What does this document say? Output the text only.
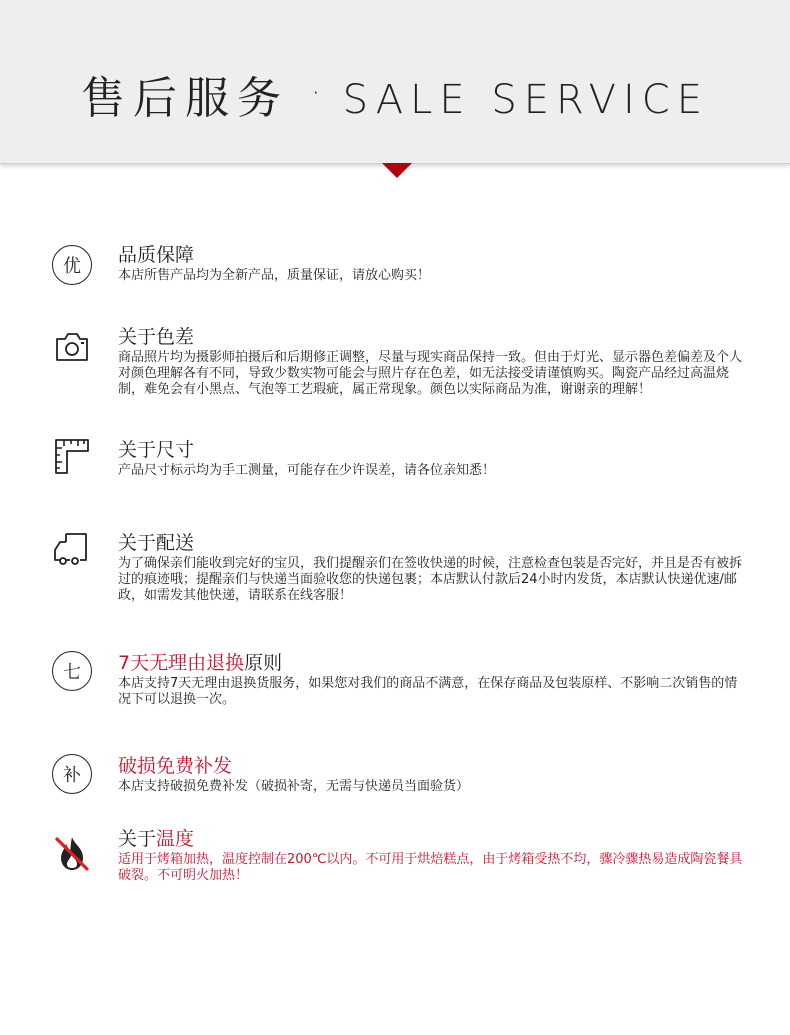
售后服务 · SALE SERVICE
优
品质保障
本店所售产品均为全新产品，质量保证，请放心购买！
关于色差
商品照片均为摄影师拍摄后和后期修正调整，尽量与现实商品保持一致。但由于灯光、显示器色差偏差及个人对颜色理解各有不同，导致少数实物可能会与照片存在色差，如无法接受请谨慎购买。陶瓷产品经过高温烧制，难免会有小黑点、气泡等工艺瑕疵，属正常现象。颜色以实际商品为准，谢谢亲的理解！
关于尺寸
产品尺寸标示均为手工测量，可能存在少许误差，请各位亲知悉！
关于配送
为了确保亲们能收到完好的宝贝，我们提醒亲们在签收快递的时候，注意检查包装是否完好，并且是否有被拆过的痕迹哦；提醒亲们与快递当面验收您的快递包裹；本店默认付款后24小时内发货，本店默认快递优速/邮政，如需发其他快递，请联系在线客服！
七	7天无理由退换原则
本店支持7天无理由退换货服务，如果您对我们的商品不满意，在保存商品及包装原样、不影响二次销售的情况下可以退换一次。
补	破损免费补发
本店支持破损免费补发（破损补寄，无需与快递员当面验货）
关于温度
适用于烤箱加热，温度控制在200℃以内。不可用于烘焙糕点，由于烤箱受热不均，骤冷骤热易造成陶瓷餐具破裂。不可明火加热！
